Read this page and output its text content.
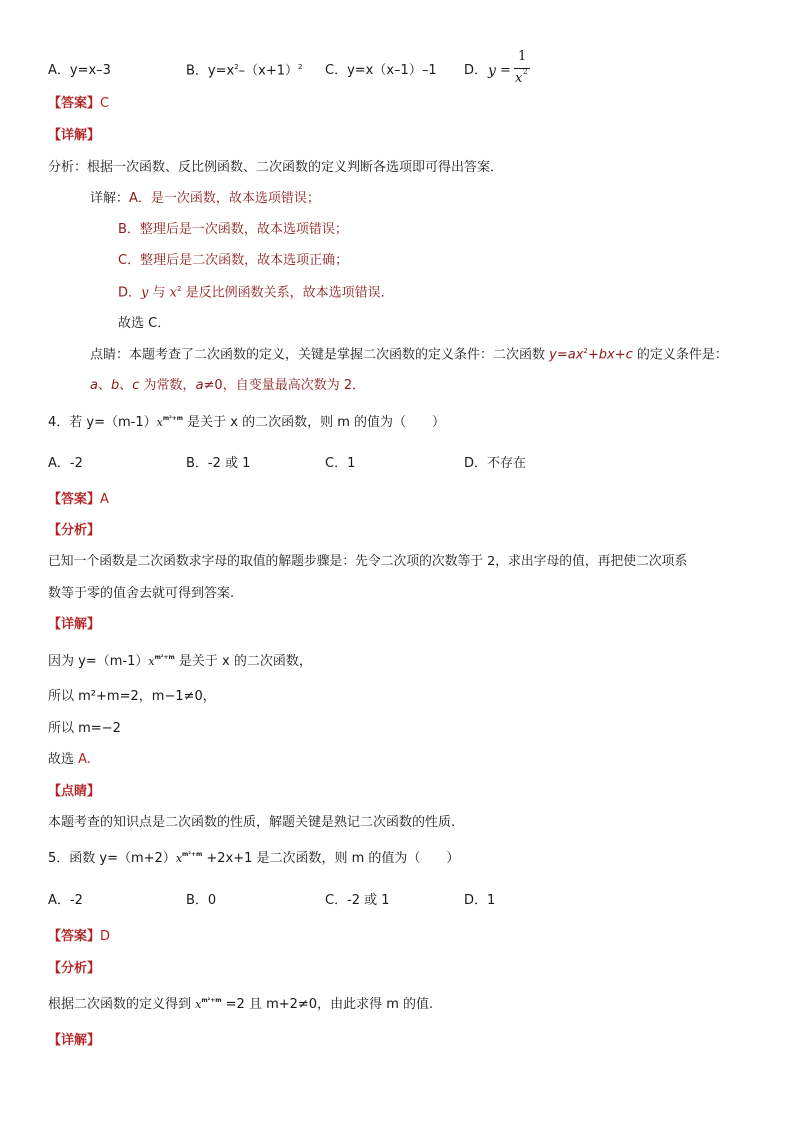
A．y=x–3	B．$y=x^2-(x+1)^2$ C．y=x（x–1）–1 D． y =
1
x 2
【答案】C
【详解】
分析：根据一次函数、反比例函数、二次函数的定义判断各选项即可得出答案．
详解：A．是一次函数，故本选项错误；
B．整理后是一次函数，故本选项错误；
C．整理后是二次函数，故本选项正确；
D．y 与 $x^2$ 是反比例函数关系，故本选项错误．
故选 C．
点睛：本题考查了二次函数的定义，关键是掌握二次函数的定义条件：二次函数 $y=ax^2+bx+c$ 的定义条件是：
a、b、c 为常数，a≠0，自变量最高次数为 2．
4．若 $y=(m-1)x^{m^2+m}$ 是关于 x 的二次函数，则 m 的值为（　　）
A．-2	B．-2 或 1	C．1	D．不存在
【答案】A
【分析】
已知一个函数是二次函数求字母的取值的解题步骤是：先令二次项的次数等于 2，求出字母的值，再把使二次项系
数等于零的值舍去就可得到答案.
【详解】
因为 $y=(m-1)x^{m^2+m}$ 是关于 x 的二次函数，
所以 m²+m=2，m−1≠0，
所以 m=−2
故选 A.
【点睛】
本题考查的知识点是二次函数的性质，解题关键是熟记二次函数的性质.
5．函数 $y=(m+2)x^{m^2+m} +2x+1$ 是二次函数，则 m 的值为（　　）
A．-2	B．0	C．-2 或 1	D．1
【答案】D
【分析】
根据二次函数的定义得到 $x^{m^2+m} =2$ 且 m+2≠0，由此求得 m 的值.
【详解】
